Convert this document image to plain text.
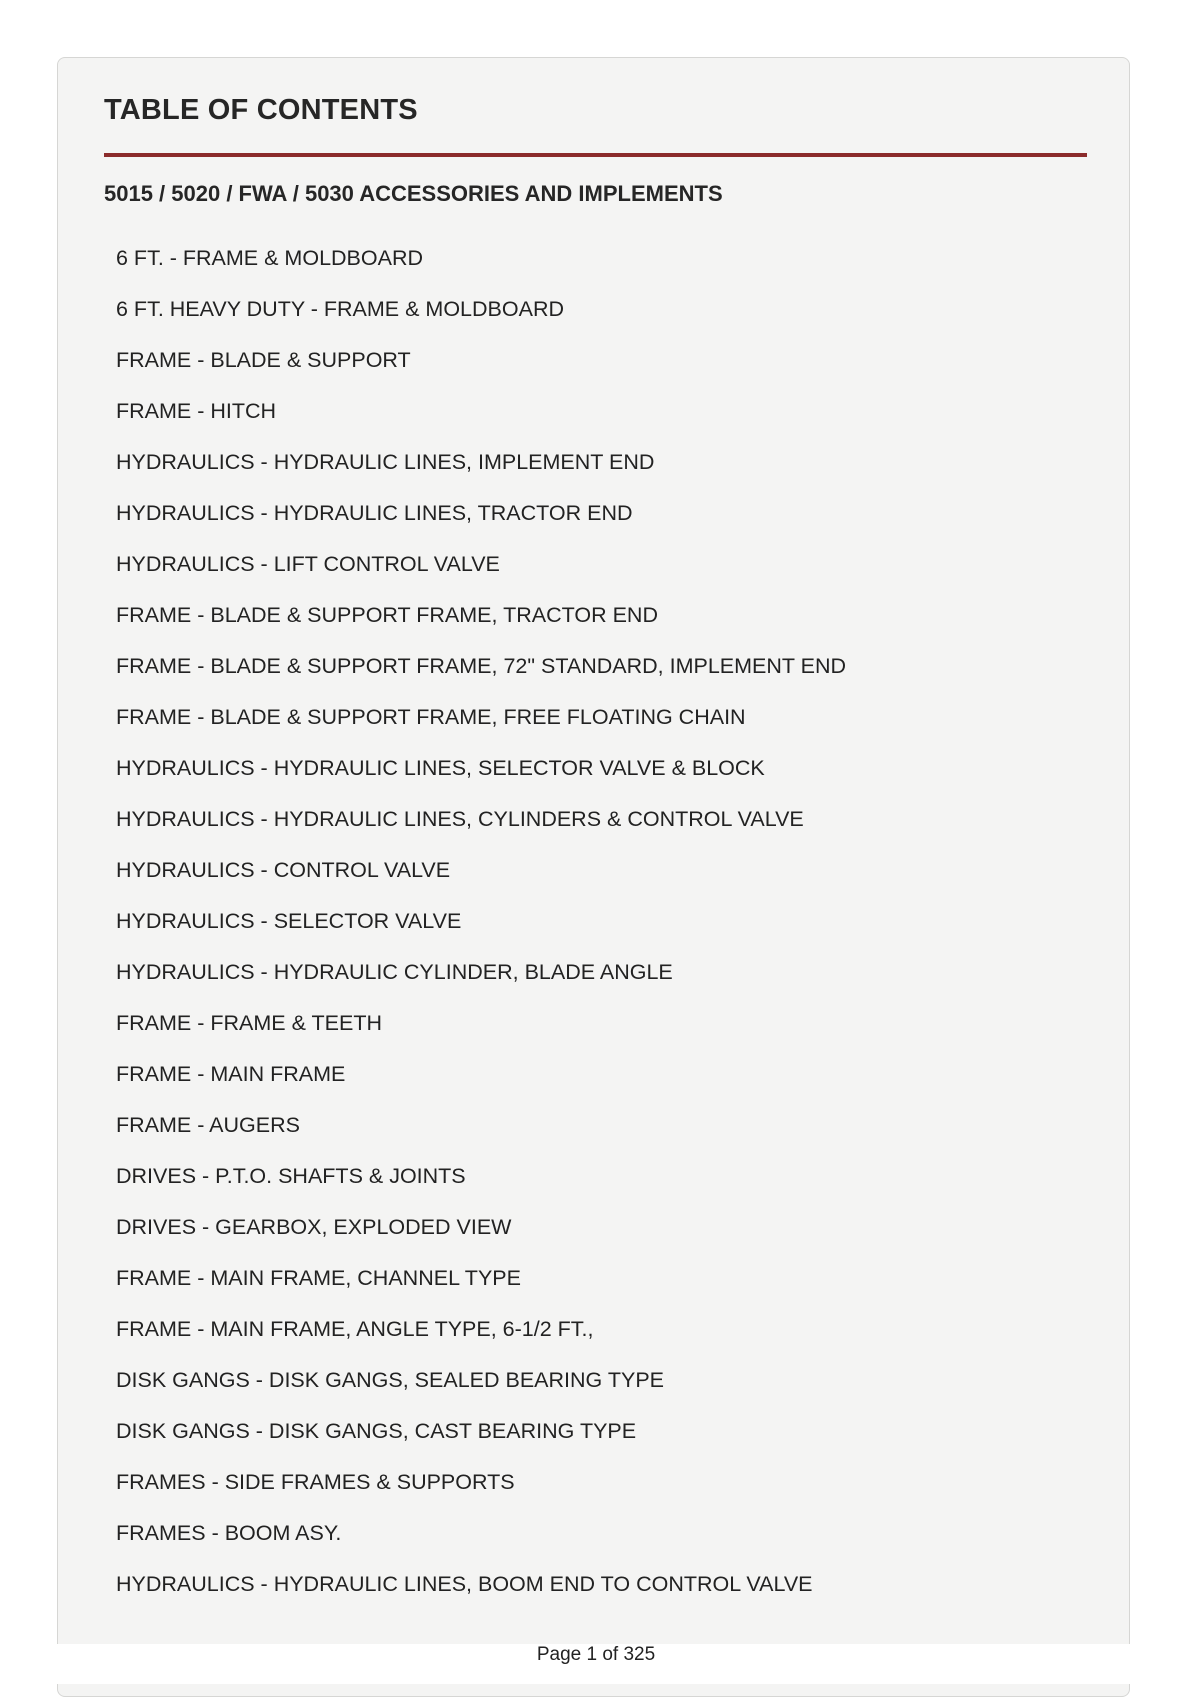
TABLE OF CONTENTS
5015 / 5020 / FWA / 5030 ACCESSORIES AND IMPLEMENTS
6 FT. - FRAME & MOLDBOARD
6 FT. HEAVY DUTY - FRAME & MOLDBOARD
FRAME - BLADE & SUPPORT
FRAME - HITCH
HYDRAULICS - HYDRAULIC LINES, IMPLEMENT END
HYDRAULICS - HYDRAULIC LINES, TRACTOR END
HYDRAULICS - LIFT CONTROL VALVE
FRAME - BLADE & SUPPORT FRAME, TRACTOR END
FRAME - BLADE & SUPPORT FRAME, 72" STANDARD, IMPLEMENT END
FRAME - BLADE & SUPPORT FRAME, FREE FLOATING CHAIN
HYDRAULICS - HYDRAULIC LINES, SELECTOR VALVE & BLOCK
HYDRAULICS - HYDRAULIC LINES, CYLINDERS & CONTROL VALVE
HYDRAULICS - CONTROL VALVE
HYDRAULICS - SELECTOR VALVE
HYDRAULICS - HYDRAULIC CYLINDER, BLADE ANGLE
FRAME - FRAME & TEETH
FRAME - MAIN FRAME
FRAME - AUGERS
DRIVES - P.T.O. SHAFTS & JOINTS
DRIVES - GEARBOX, EXPLODED VIEW
FRAME - MAIN FRAME, CHANNEL TYPE
FRAME - MAIN FRAME, ANGLE TYPE, 6-1/2 FT.,
DISK GANGS - DISK GANGS, SEALED BEARING TYPE
DISK GANGS - DISK GANGS, CAST BEARING TYPE
FRAMES - SIDE FRAMES & SUPPORTS
FRAMES - BOOM ASY.
HYDRAULICS - HYDRAULIC LINES, BOOM END TO CONTROL VALVE
Page 1 of 325
